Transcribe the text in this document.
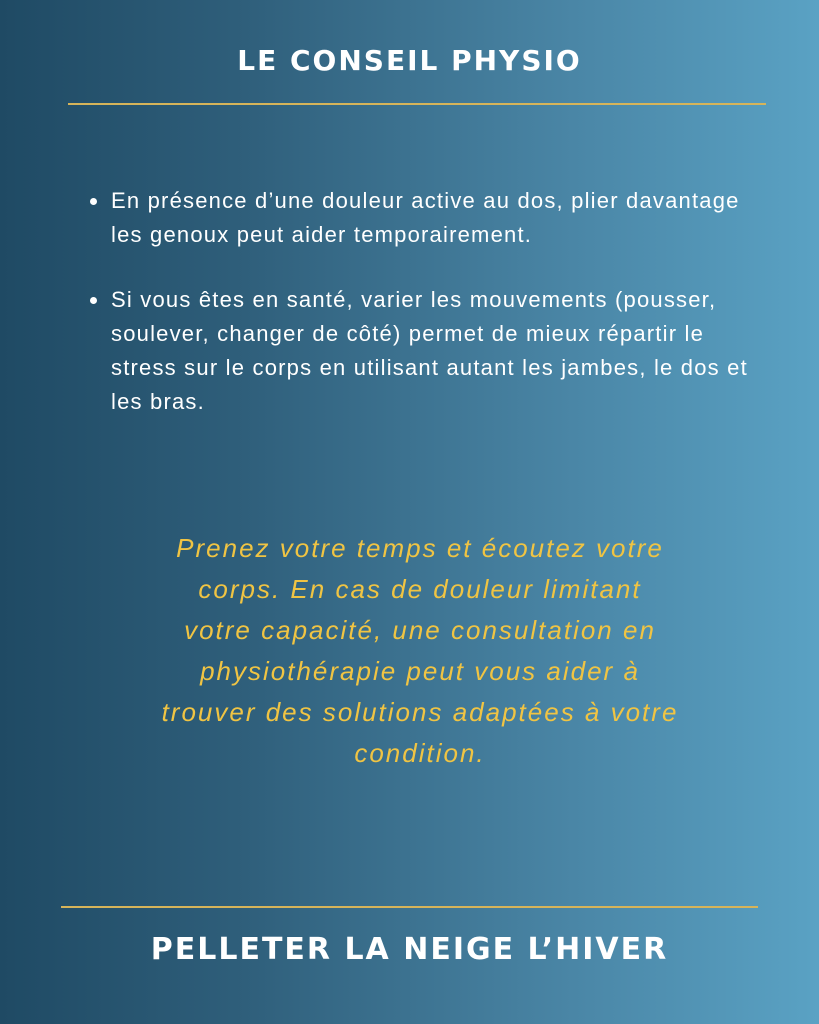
LE CONSEIL PHYSIO
En présence d’une douleur active au dos, plier davantage les genoux peut aider temporairement.
Si vous êtes en santé, varier les mouvements (pousser, soulever, changer de côté) permet de mieux répartir le stress sur le corps en utilisant autant les jambes, le dos et les bras.
Prenez votre temps et écoutez votre corps. En cas de douleur limitant votre capacité, une consultation en physiothérapie peut vous aider à trouver des solutions adaptées à votre condition.
PELLETER LA NEIGE L’HIVER
